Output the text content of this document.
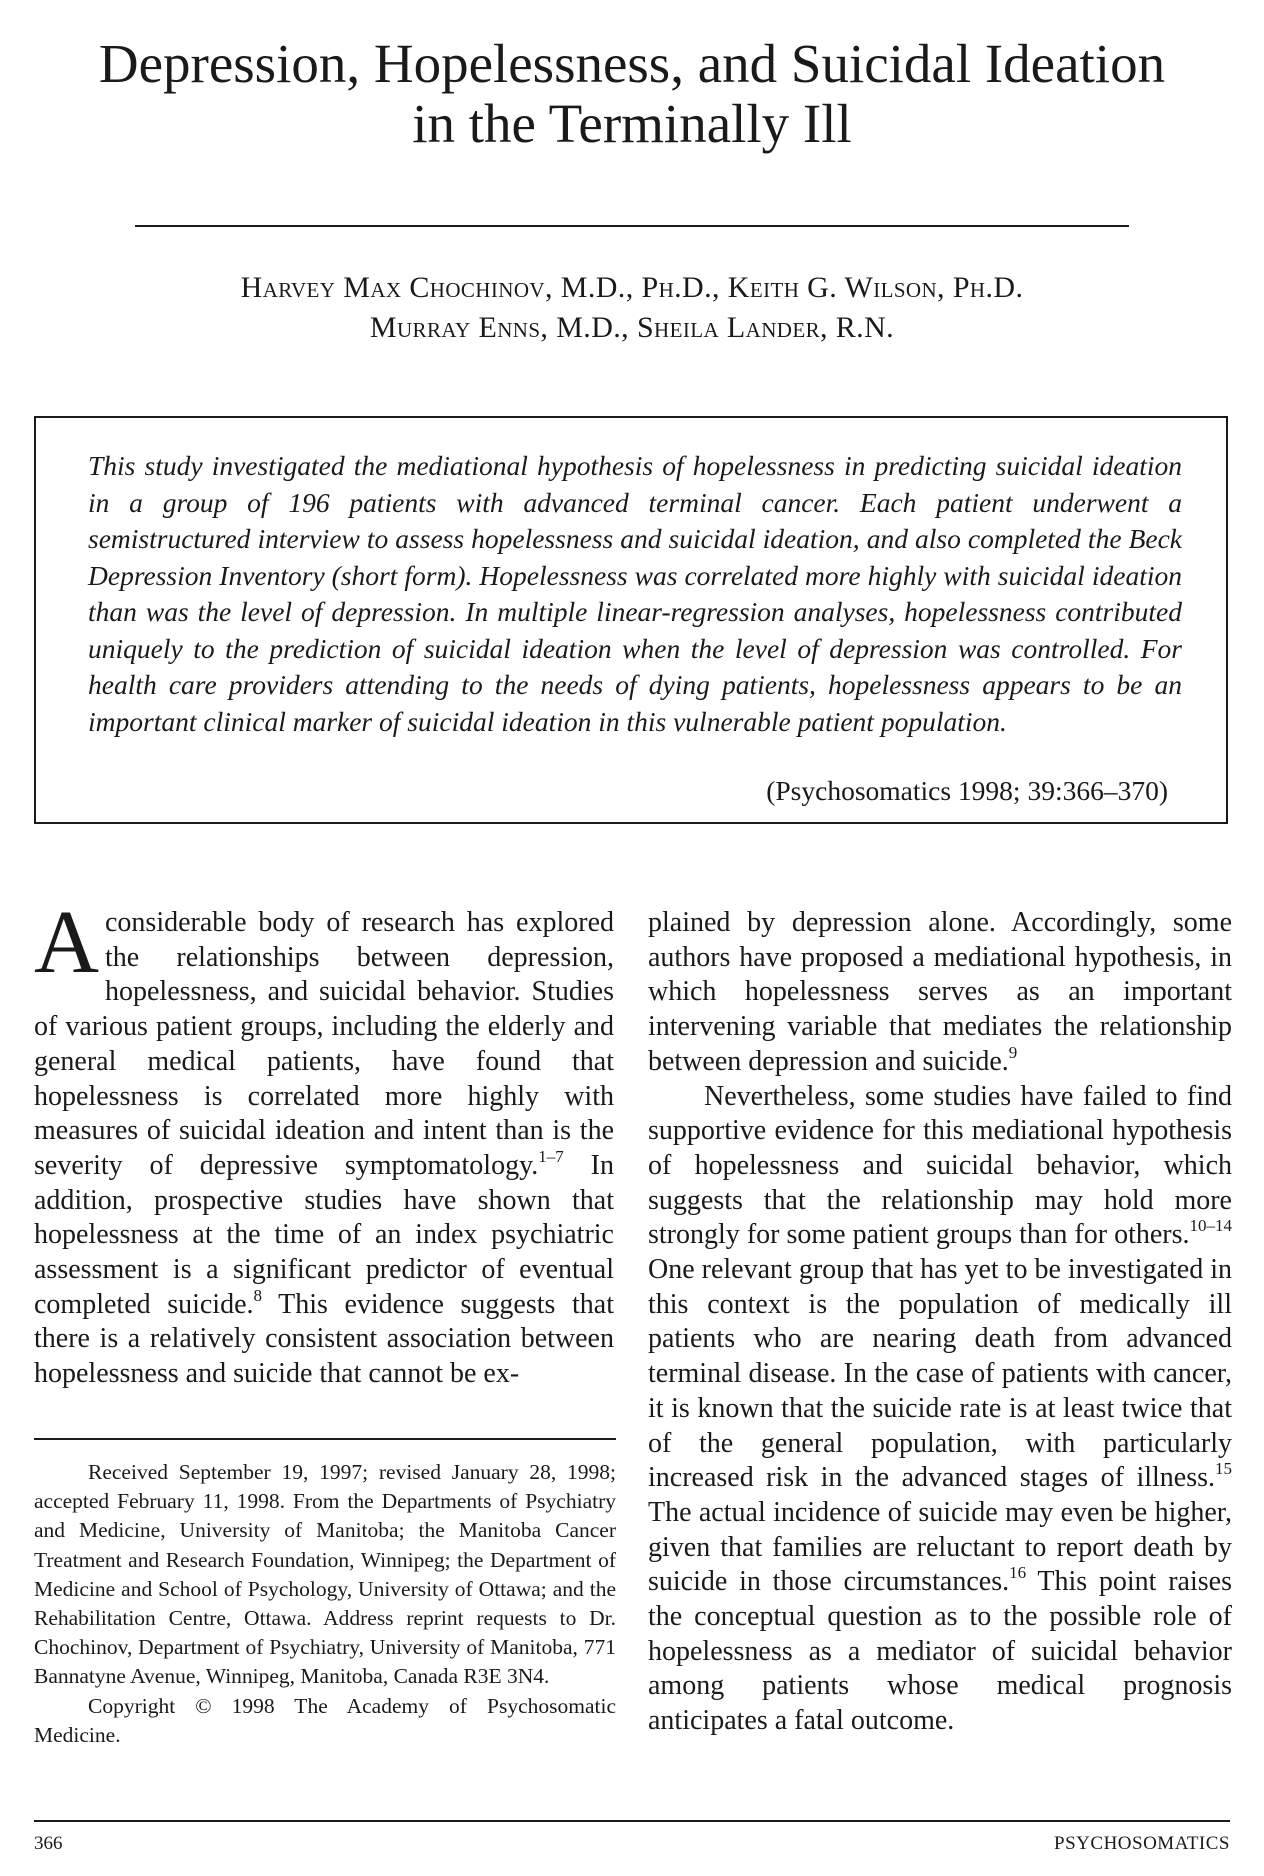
Depression, Hopelessness, and Suicidal Ideation
in the Terminally Ill
Harvey Max Chochinov, M.D., Ph.D., Keith G. Wilson, Ph.D.
Murray Enns, M.D., Sheila Lander, R.N.

This study investigated the mediational hypothesis of hopelessness in predicting suicidal ideation in a group of 196 patients with advanced terminal cancer. Each patient underwent a semistructured interview to assess hopelessness and suicidal ideation, and also completed the Beck Depression Inventory (short form). Hopelessness was correlated more highly with suicidal ideation than was the level of depression. In multiple linear-regression analyses, hopelessness contributed uniquely to the prediction of suicidal ideation when the level of depression was controlled. For health care providers attending to the needs of dying patients, hopelessness appears to be an important clinical marker of suicidal ideation in this vulnerable patient population.

(Psychosomatics 1998; 39:366–370)

A considerable body of research has explored the relationships between depression, hopelessness, and suicidal behavior. Studies of various patient groups, including the elderly and general medical patients, have found that hopelessness is correlated more highly with measures of suicidal ideation and intent than is the severity of depressive symptomatology.$^{1-7}$ In addition, prospective studies have shown that hopelessness at the time of an index psychiatric assessment is a significant predictor of eventual completed suicide.$^8$ This evidence suggests that there is a relatively consistent association between hopelessness and suicide that cannot be ex-

Received September 19, 1997; revised January 28, 1998; accepted February 11, 1998. From the Departments of Psychiatry and Medicine, University of Manitoba; the Manitoba Cancer Treatment and Research Foundation, Winnipeg; the Department of Medicine and School of Psychology, University of Ottawa; and the Rehabilitation Centre, Ottawa. Address reprint requests to Dr. Chochinov, Department of Psychiatry, University of Manitoba, 771 Bannatyne Avenue, Winnipeg, Manitoba, Canada R3E 3N4.

Copyright © 1998 The Academy of Psychosomatic Medicine.

plained by depression alone. Accordingly, some authors have proposed a mediational hypothesis, in which hopelessness serves as an important intervening variable that mediates the relationship between depression and suicide.$^9$

Nevertheless, some studies have failed to find supportive evidence for this mediational hypothesis of hopelessness and suicidal behavior, which suggests that the relationship may hold more strongly for some patient groups than for others.$^{10-14}$ One relevant group that has yet to be investigated in this context is the population of medically ill patients who are nearing death from advanced terminal disease. In the case of patients with cancer, it is known that the suicide rate is at least twice that of the general population, with particularly increased risk in the advanced stages of illness.$^{15}$ The actual incidence of suicide may even be higher, given that families are reluctant to report death by suicide in those circumstances.$^{16}$ This point raises the conceptual question as to the possible role of hopelessness as a mediator of suicidal behavior among patients whose medical prognosis anticipates a fatal outcome.

366	PSYCHOSOMATICS
